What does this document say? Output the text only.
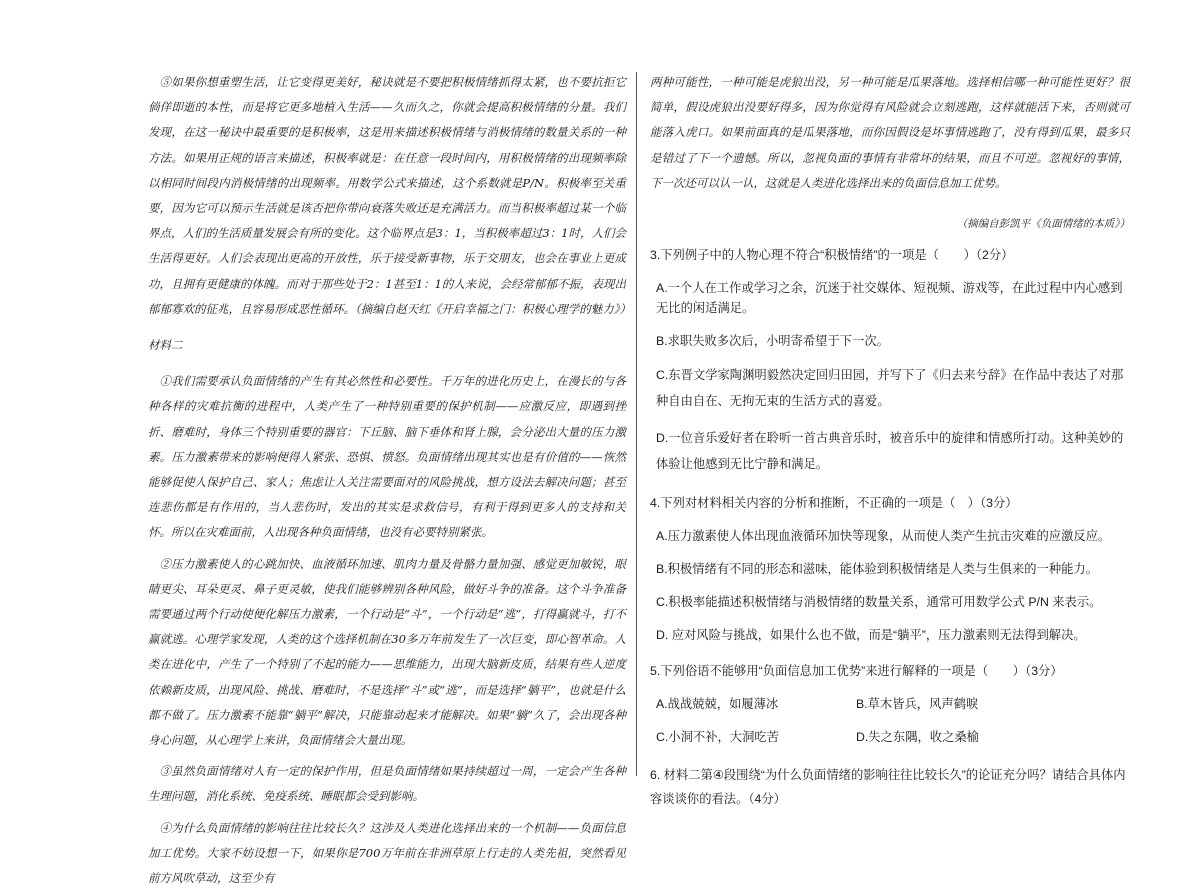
⑤如果你想重塑生活，让它变得更美好，秘诀就是不要把积极情绪抓得太紧，也不要抗拒它倘佯即逝的本性，而是将它更多地植入生活——久而久之，你就会提高积极情绪的分量。我们发现，在这一秘诀中最重要的是积极率，这是用来描述积极情绪与消极情绪的数量关系的一种方法。如果用正规的语言来描述，积极率就是：在任意一段时间内，用积极情绪的出现频率除以相同时间段内消极情绪的出现频率。用数学公式来描述，这个系数就是P/N。积极率至关重要，因为它可以预示生活就是该否把你带向衰落失败还是充满活力。而当积极率超过某一个临界点，人们的生活质量发展会有所的变化。这个临界点是3：1，当积极率超过3：1时，人们会生活得更好。人们会表现出更高的开放性，乐于接受新事物，乐于交朋友，也会在事业上更成功，且拥有更健康的体魄。而对于那些处于2：1甚至1：1的人来说，会经常郁郁不振，表现出郁郁寡欢的征兆，且容易形成恶性循环。（摘编自赵天红《开启幸福之门：积极心理学的魅力》）

材料二

①我们需要承认负面情绪的产生有其必然性和必要性。千万年的进化历史上，在漫长的与各种各样的灾难抗衡的进程中，人类产生了一种特别重要的保护机制——应激反应，即遇到挫折、磨难时，身体三个特别重要的器官：下丘脑、脑下垂体和肾上腺，会分泌出大量的压力激素。压力激素带来的影响便得人紧张、恐惧、愤怒。负面情绪出现其实也是有价值的——恢然能够促使人保护自己、家人；焦虑让人关注需要面对的风险挑战，想方设法去解决问题；甚至连悲伤都是有作用的，当人悲伤时，发出的其实是求救信号，有利于得到更多人的支持和关怀。所以在灾难面前，人出现各种负面情绪，也没有必要特别紧张。

②压力激素使人的心跳加快、血液循环加速、肌肉力量及骨骼力量加强、感觉更加敏锐，眼睛更尖、耳朵更灵、鼻子更灵敏，使我们能够辨别各种风险，做好斗争的准备。这个斗争准备需要通过两个行动使便化解压力激素，一个行动是“斗”，一个行动是“逃”，打得赢就斗，打不赢就逃。心理学家发现，人类的这个选择机制在30多万年前发生了一次巨变，即心智革命。人类在进化中，产生了一个特别了不起的能力——思维能力，出现大脑新皮质，结果有些人逆度依赖新皮质，出现风险、挑战、磨难时，不是选择“斗”或“逃”，而是选择“躺平”，也就是什么都不做了。压力激素不能靠“躺平”解决，只能靠动起来才能解决。如果“躺”久了，会出现各种身心问题，从心理学上来讲，负面情绪会大量出现。

③虽然负面情绪对人有一定的保护作用，但是负面情绪如果持续超过一周，一定会产生各种生理问题，消化系统、免疫系统、睡眠都会受到影响。

④为什么负面情绪的影响往往比较长久？这涉及人类进化选择出来的一个机制——负面信息加工优势。大家不妨设想一下，如果你是700万年前在非洲草原上行走的人类先祖，突然看见前方风吹草动，这至少有

两种可能性，一种可能是虎狼出没，另一种可能是瓜果落地。选择相信哪一种可能性更好？很简单，假设虎狼出没要好得多，因为你觉得有风险就会立刻逃跑，这样就能活下来，否则就可能落入虎口。如果前面真的是瓜果落地，而你因假设是坏事情逃跑了，没有得到瓜果，最多只是错过了下一个遗憾。所以，忽视负面的事情有非常坏的结果，而且不可逆。忽视好的事情，下一次还可以认一认，这就是人类进化选择出来的负面信息加工优势。

（摘编自彭凯平《负面情绪的本质》）

3.下列例子中的人物心理不符合“积极情绪”的一项是（　　）（2分）

A.一个人在工作或学习之余，沉迷于社交媒体、短视频、游戏等，在此过程中内心感到无比的闲适满足。

B.求职失败多次后，小明寄希望于下一次。

C.东晋文学家陶渊明毅然决定回归田园，并写下了《归去来兮辞》在作品中表达了对那种自由自在、无拘无束的生活方式的喜爱。

D.一位音乐爱好者在聆听一首古典音乐时，被音乐中的旋律和情感所打动。这种美妙的体验让他感到无比宁静和满足。

4.下列对材料相关内容的分析和推断，不正确的一项是（　）（3分）

A.压力激素使人体出现血液循环加快等现象，从而使人类产生抗击灾难的应激反应。

B.积极情绪有不同的形态和滋味，能体验到积极情绪是人类与生俱来的一种能力。

C.积极率能描述积极情绪与消极情绪的数量关系，通常可用数学公式 P/N 来表示。

D. 应对风险与挑战，如果什么也不做，而是“躺平”，压力激素则无法得到解决。

5.下列俗语不能够用“负面信息加工优势”来进行解释的一项是（　　）（3分）

A.战战兢兢，如履薄冰	B.草木皆兵，风声鹤唳
C.小洞不补，大洞吃苦	D.失之东隅，收之桑榆

6. 材料二第④段围绕“为什么负面情绪的影响往往比较长久”的论证充分吗？请结合具体内容谈谈你的看法。（4分）
